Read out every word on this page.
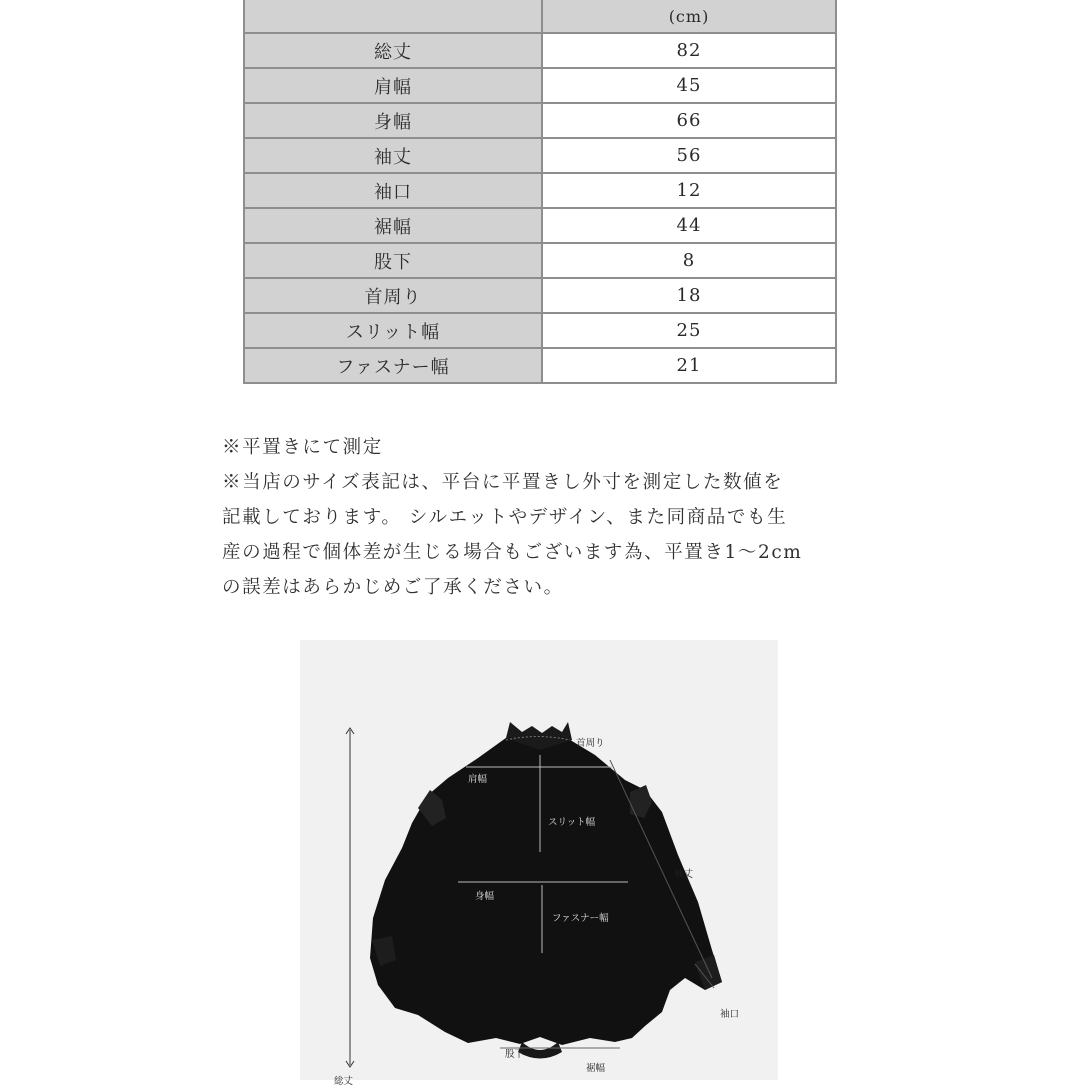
	(cm)
総丈	82
肩幅	45
身幅	66
袖丈	56
袖口	12
裾幅	44
股下	8
首周り	18
スリット幅	25
ファスナー幅	21
※平置きにて測定
※当店のサイズ表記は、平台に平置きし外寸を測定した数値を
記載しております。 シルエットやデザイン、また同商品でも生
産の過程で個体差が生じる場合もございます為、平置き1〜2cm
の誤差はあらかじめご了承ください。
首周り
肩幅
スリット幅
袖丈
身幅
ファスナー幅
袖口
股下
裾幅
総丈
